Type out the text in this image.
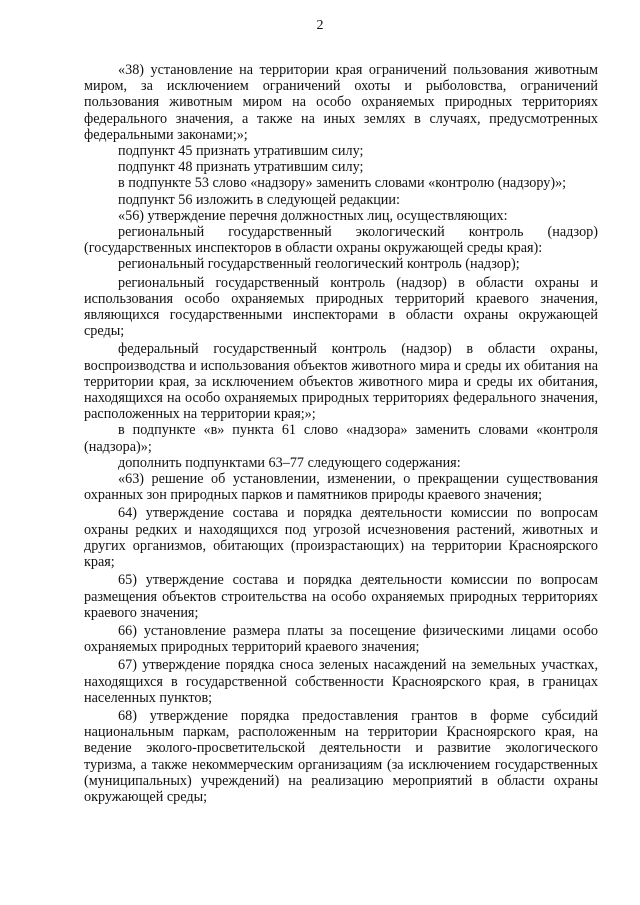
2

«38) установление на территории края ограничений пользования животным миром, за исключением ограничений охоты и рыболовства, ограничений пользования животным миром на особо охраняемых природных территориях федерального значения, а также на иных землях в случаях, предусмотренных федеральными законами;»;

подпункт 45 признать утратившим силу;

подпункт 48 признать утратившим силу;

в подпункте 53 слово «надзору» заменить словами «контролю (надзору)»;

подпункт 56 изложить в следующей редакции:

«56) утверждение перечня должностных лиц, осуществляющих:

региональный государственный экологический контроль (надзор) (государственных инспекторов в области охраны окружающей среды края):

региональный государственный геологический контроль (надзор);

региональный государственный контроль (надзор) в области охраны и использования особо охраняемых природных территорий краевого значения, являющихся государственными инспекторами в области охраны окружающей среды;

федеральный государственный контроль (надзор) в области охраны, воспроизводства и использования объектов животного мира и среды их обитания на территории края, за исключением объектов животного мира и среды их обитания, находящихся на особо охраняемых природных территориях федерального значения, расположенных на территории края;»;

в подпункте «в» пункта 61 слово «надзора» заменить словами «контроля (надзора)»;

дополнить подпунктами 63–77 следующего содержания:

«63) решение об установлении, изменении, о прекращении существования охранных зон природных парков и памятников природы краевого значения;

64) утверждение состава и порядка деятельности комиссии по вопросам охраны редких и находящихся под угрозой исчезновения растений, животных и других организмов, обитающих (произрастающих) на территории Красноярского края;

65) утверждение состава и порядка деятельности комиссии по вопросам размещения объектов строительства на особо охраняемых природных территориях краевого значения;

66) установление размера платы за посещение физическими лицами особо охраняемых природных территорий краевого значения;

67) утверждение порядка сноса зеленых насаждений на земельных участках, находящихся в государственной собственности Красноярского края, в границах населенных пунктов;

68) утверждение порядка предоставления грантов в форме субсидий национальным паркам, расположенным на территории Красноярского края, на ведение эколого-просветительской деятельности и развитие экологического туризма, а также некоммерческим организациям (за исключением государственных (муниципальных) учреждений) на реализацию мероприятий в области охраны окружающей среды;
